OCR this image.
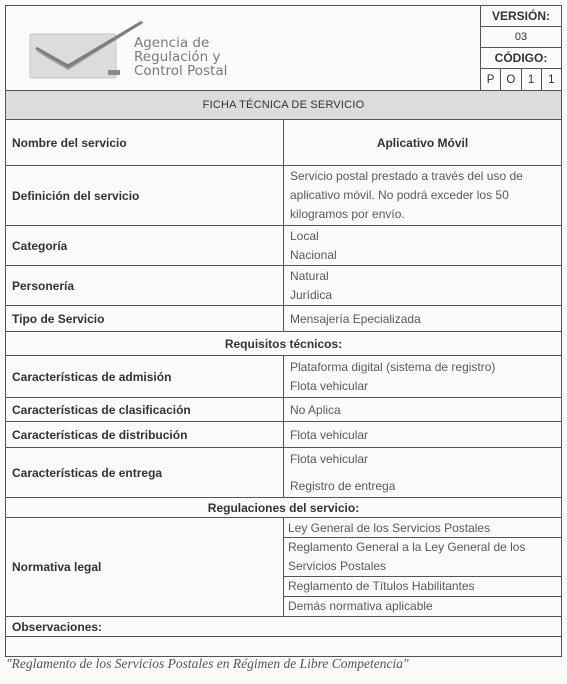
Agencia de
Regulación y
Control Postal
VERSIÓN:
03
CÓDIGO:
P	O	1	1
FICHA TÉCNICA DE SERVICIO	
Nombre del servicio	Aplicativo Móvil
Definición del servicio	Servicio postal prestado a través del uso de aplicativo móvil. No podrá exceder los 50 kilogramos por envío.
Categoría	Local
Nacional

Personería	Natural
Jurídica

Tipo de Servicio	Mensajería Epecializada
Requisitos técnicos:	
Características de admisión	Plataforma digital (sistema de registro)
Flota vehicular

Características de clasificación	No Aplica
Características de distribución	Flota vehicular
Características de entrega	Flota vehicular
Registro de entrega

Regulaciones del servicio:	
Normativa legal	Ley General de los Servicios Postales
Reglamento General a la Ley General de los Servicios Postales
Reglamento de Títulos Habilitantes
Demás normativa aplicable

Observaciones:	

"Reglamento de los Servicios Postales en Régimen de Libre Competencia"
